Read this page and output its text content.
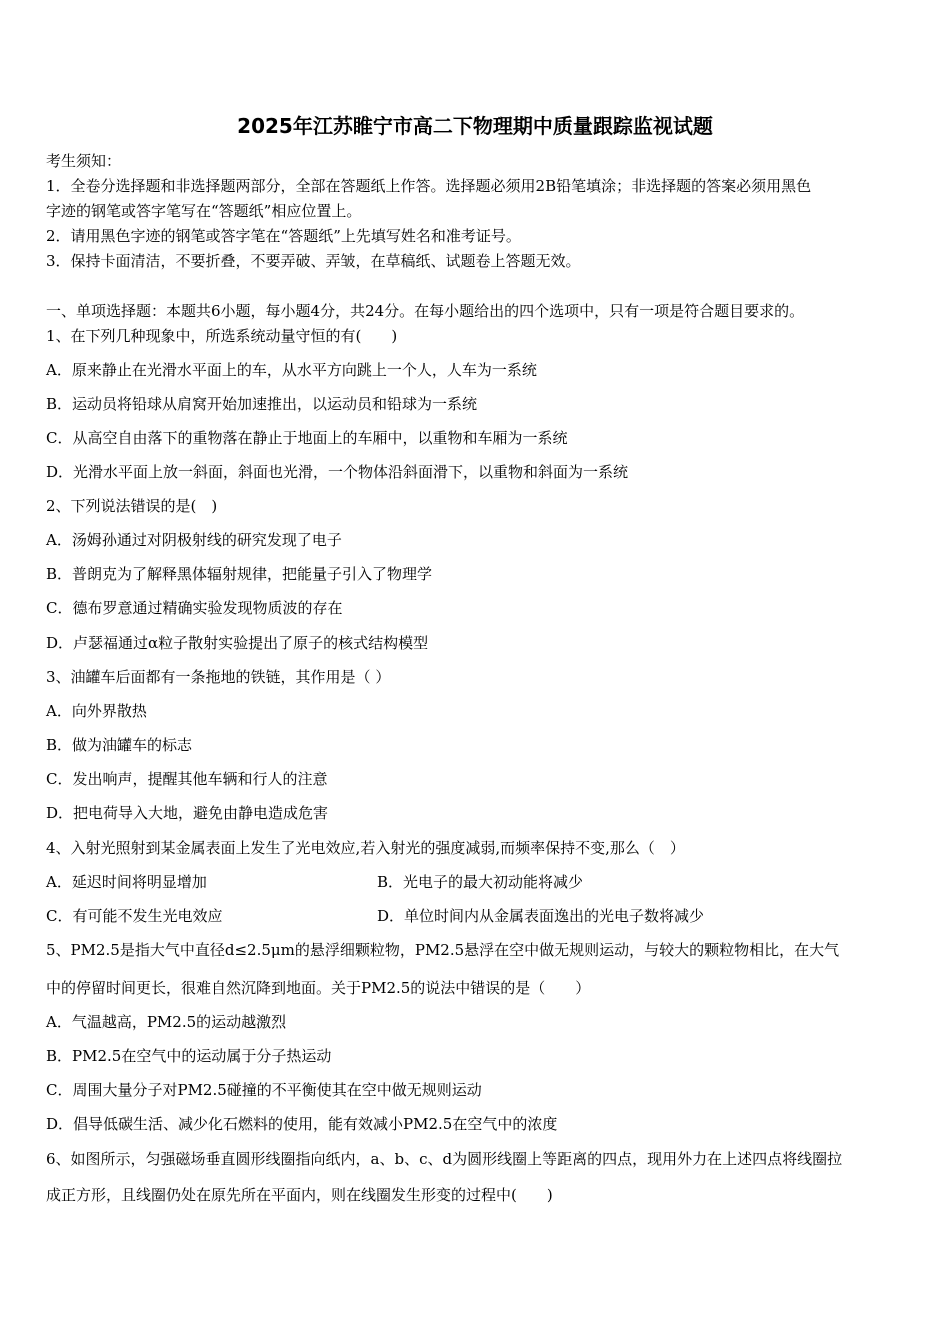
2025年江苏睢宁市高二下物理期中质量跟踪监视试题
考生须知：
1．全卷分选择题和非选择题两部分，全部在答题纸上作答。选择题必须用2B铅笔填涂；非选择题的答案必须用黑色
字迹的钢笔或答字笔写在“答题纸”相应位置上。
2．请用黑色字迹的钢笔或答字笔在“答题纸”上先填写姓名和准考证号。
3．保持卡面清洁，不要折叠，不要弄破、弄皱，在草稿纸、试题卷上答题无效。
一、单项选择题：本题共6小题，每小题4分，共24分。在每小题给出的四个选项中，只有一项是符合题目要求的。
1、在下列几种现象中，所选系统动量守恒的有(　　)
A．原来静止在光滑水平面上的车，从水平方向跳上一个人，人车为一系统
B．运动员将铅球从肩窝开始加速推出，以运动员和铅球为一系统
C．从高空自由落下的重物落在静止于地面上的车厢中，以重物和车厢为一系统
D．光滑水平面上放一斜面，斜面也光滑，一个物体沿斜面滑下，以重物和斜面为一系统
2、下列说法错误的是(　)
A．汤姆孙通过对阴极射线的研究发现了电子
B．普朗克为了解释黑体辐射规律，把能量子引入了物理学
C．德布罗意通过精确实验发现物质波的存在
D．卢瑟福通过α粒子散射实验提出了原子的核式结构模型
3、油罐车后面都有一条拖地的铁链，其作用是（ ）
A．向外界散热
B．做为油罐车的标志
C．发出响声，提醒其他车辆和行人的注意
D．把电荷导入大地，避免由静电造成危害
4、入射光照射到某金属表面上发生了光电效应,若入射光的强度减弱,而频率保持不变,那么（　）
A．延迟时间将明显增加	B．光电子的最大初动能将减少
C．有可能不发生光电效应	D．单位时间内从金属表面逸出的光电子数将减少
5、PM2.5是指大气中直径d≤2.5μm的悬浮细颗粒物，PM2.5悬浮在空中做无规则运动，与较大的颗粒物相比，在大气
中的停留时间更长，很难自然沉降到地面。关于PM2.5的说法中错误的是（　　）
A．气温越高，PM2.5的运动越激烈
B．PM2.5在空气中的运动属于分子热运动
C．周围大量分子对PM2.5碰撞的不平衡使其在空中做无规则运动
D．倡导低碳生活、减少化石燃料的使用，能有效减小PM2.5在空气中的浓度
6、如图所示，匀强磁场垂直圆形线圈指向纸内，a、b、c、d为圆形线圈上等距离的四点，现用外力在上述四点将线圈拉
成正方形，且线圈仍处在原先所在平面内，则在线圈发生形变的过程中(　　)
